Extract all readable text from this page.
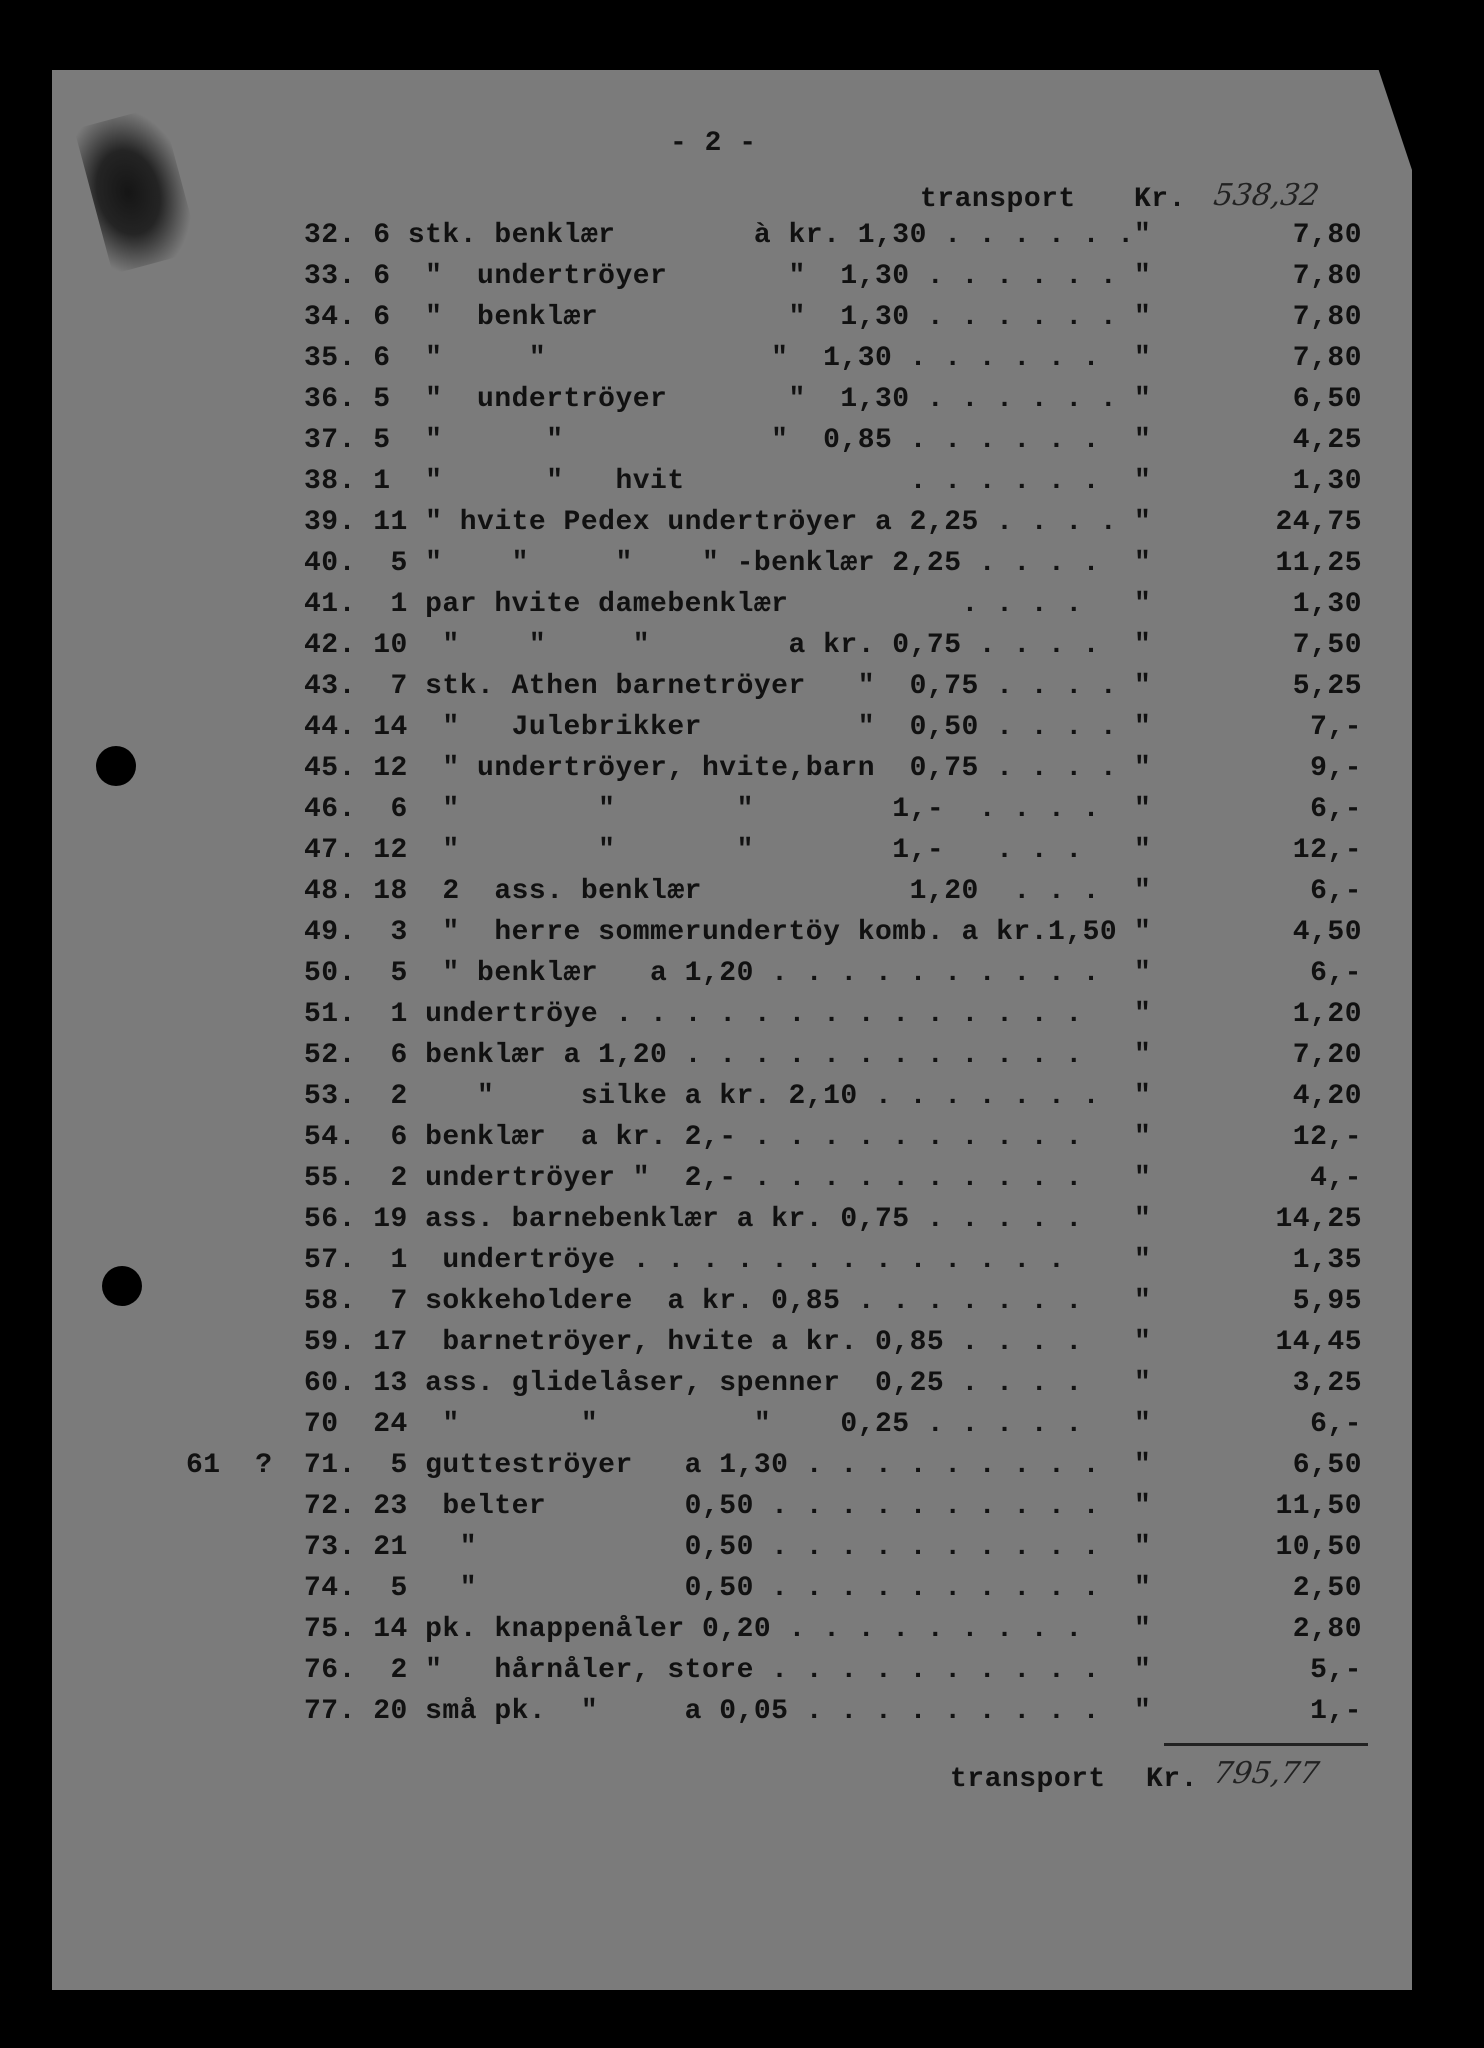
- 2 -
transport Kr. 538,32
32. 6 stk. benklær        à kr. 1,30 . . . . . . "	7,80
33. 6  "  undertröyer       "  1,30 . . . . . . "	7,80
34. 6  "  benklær           "  1,30 . . . . . . "	7,80
35. 6  "     "             "  1,30 . . . . . . "	7,80
36. 5  "  undertröyer       "  1,30 . . . . . . "	6,50
37. 5  "      "            "  0,85 . . . . . . "	4,25
38. 1  "      "   hvit             . . . . . . "	1,30
39. 11 " hvite Pedex undertröyer a 2,25 . . . . "	24,75
40.  5 "    "     "    " -benklær 2,25 . . . . "	11,25
41.  1 par hvite damebenklær          . . . . "	1,30
42. 10  "    "     "        a kr. 0,75 . . . . "	7,50
43.  7 stk. Athen barnetröyer   "  0,75 . . . . "	5,25
44. 14  "   Julebrikker         "  0,50 . . . . "	7,-
45. 12  " undertröyer, hvite,barn  0,75 . . . . "	9,-
46.  6  "        "       "        1,-  . . . . "	6,-
47. 12  "        "       "        1,-   . . . "	12,-
48. 18  2  ass. benklær            1,20  . . . "	6,-
49.  3  "  herre sommerundertöy komb. a kr.1,50 "	4,50
50.  5  " benklær   a 1,20 . . . . . . . . . . "	6,-
51.  1 undertröye . . . . . . . . . . . . . . "	1,20
52.  6 benklær a 1,20 . . . . . . . . . . . . "	7,20
53.  2    "     silke a kr. 2,10 . . . . . . . "	4,20
54.  6 benklær  a kr. 2,- . . . . . . . . . . "	12,-
55.  2 undertröyer "  2,- . . . . . . . . . . "	4,-
56. 19 ass. barnebenklær a kr. 0,75 . . . . . "	14,25
57.  1  undertröye . . . . . . . . . . . . . "	1,35
58.  7 sokkeholdere  a kr. 0,85 . . . . . . . "	5,95
59. 17  barnetröyer, hvite a kr. 0,85 . . . . "	14,45
60. 13 ass. glidelåser, spenner  0,25 . . . . "	3,25
70  24  "       "         "    0,25 . . . . . "	6,-
71.  5 gutteströyer   a 1,30 . . . . . . . . . "	6,50
72. 23  belter        0,50 . . . . . . . . . . "	11,50
73. 21   "            0,50 . . . . . . . . . . "	10,50
74.  5   "            0,50 . . . . . . . . . . "	2,50
75. 14 pk. knappenåler 0,20 . . . . . . . . . "	2,80
76.  2 "   hårnåler, store . . . . . . . . . . "	5,-
77. 20 små pk.  "     a 0,05 . . . . . . . . . "	1,-
61  ?
transport Kr. 795,77
